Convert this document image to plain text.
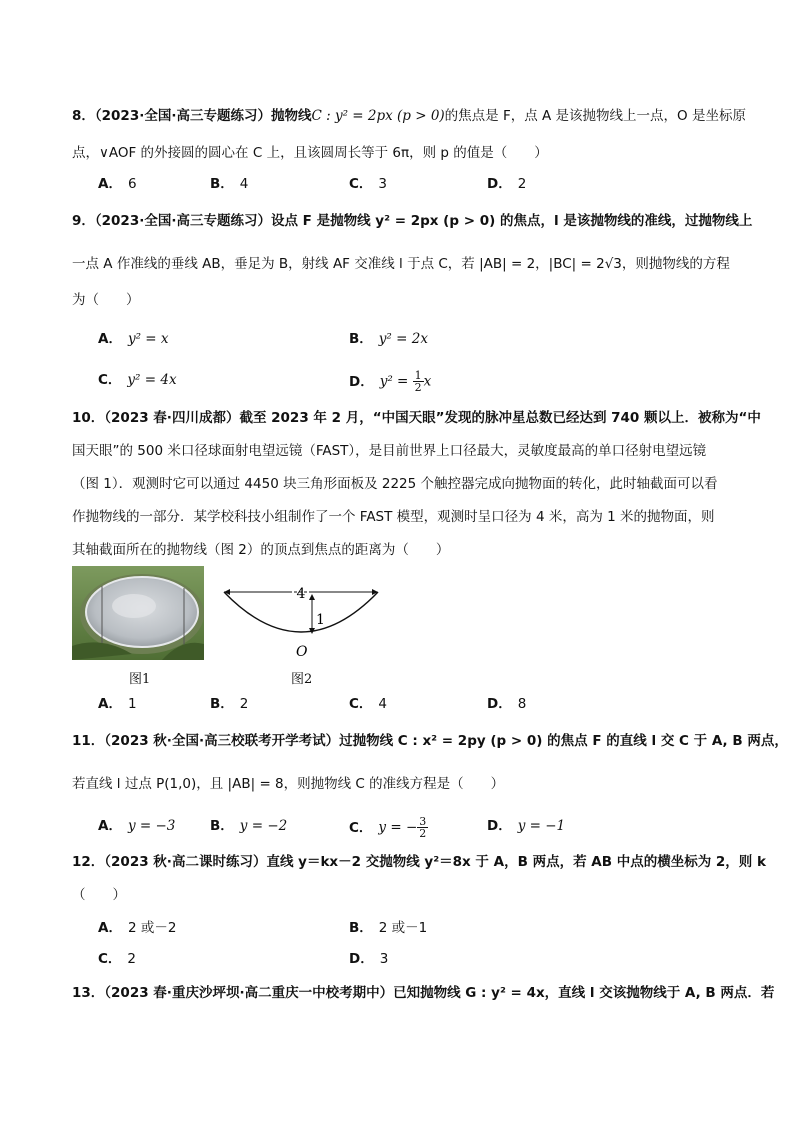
8．（2023·全国·高三专题练习）抛物线C : y² = 2px (p > 0)的焦点是 F，点 A 是该抛物线上一点，O 是坐标原
点，∨AOF 的外接圆的圆心在 C 上，且该圆周长等于 6π，则 p 的值是（　　）
A． 6	B． 4	C． 3	D． 2
9．（2023·全国·高三专题练习）设点 F 是抛物线 y² = 2px (p > 0) 的焦点，l 是该抛物线的准线，过抛物线上
一点 A 作准线的垂线 AB，垂足为 B，射线 AF 交准线 l 于点 C，若 |AB| = 2，|BC| = 2√3，则抛物线的方程
为（　　）
A． y² = x	B． y² = 2x
C． y² = 4x	D． $y^2 = \frac{1}{2}$ x
10．（2023 春·四川成都）截至 2023 年 2 月，“中国天眼”发现的脉冲星总数已经达到 740 颗以上．被称为“中
国天眼”的 500 米口径球面射电望远镜（FAST），是目前世界上口径最大，灵敏度最高的单口径射电望远镜
（图 1）．观测时它可以通过 4450 块三角形面板及 2225 个触控器完成向抛物面的转化，此时轴截面可以看
作抛物线的一部分．某学校科技小组制作了一个 FAST 模型，观测时呈口径为 4 米，高为 1 米的抛物面，则
其轴截面所在的抛物线（图 2）的顶点到焦点的距离为（　　）
图1
4
1
O
图2
A． 1	B． 2	C． 4	D． 8
11．（2023 秋·全国·高三校联考开学考试）过抛物线 C : x² = 2py (p > 0) 的焦点 F 的直线 l 交 C 于 A, B 两点，
若直线 l 过点 P(1,0)，且 |AB| = 8，则抛物线 C 的准线方程是（　　）
A． y = −3	B． y = −2	C． y = − $\frac{3}{2}$	D． y = −1
12．（2023 秋·高二课时练习）直线 y＝kx－2 交抛物线 y²＝8x 于 A，B 两点，若 AB 中点的横坐标为 2，则 k
（　　）
A． 2 或－2	B． 2 或－1
C． 2	D． 3
13．（2023 春·重庆沙坪坝·高二重庆一中校考期中）已知抛物线 G : y² = 4x，直线 l 交该抛物线于 A, B 两点．若
